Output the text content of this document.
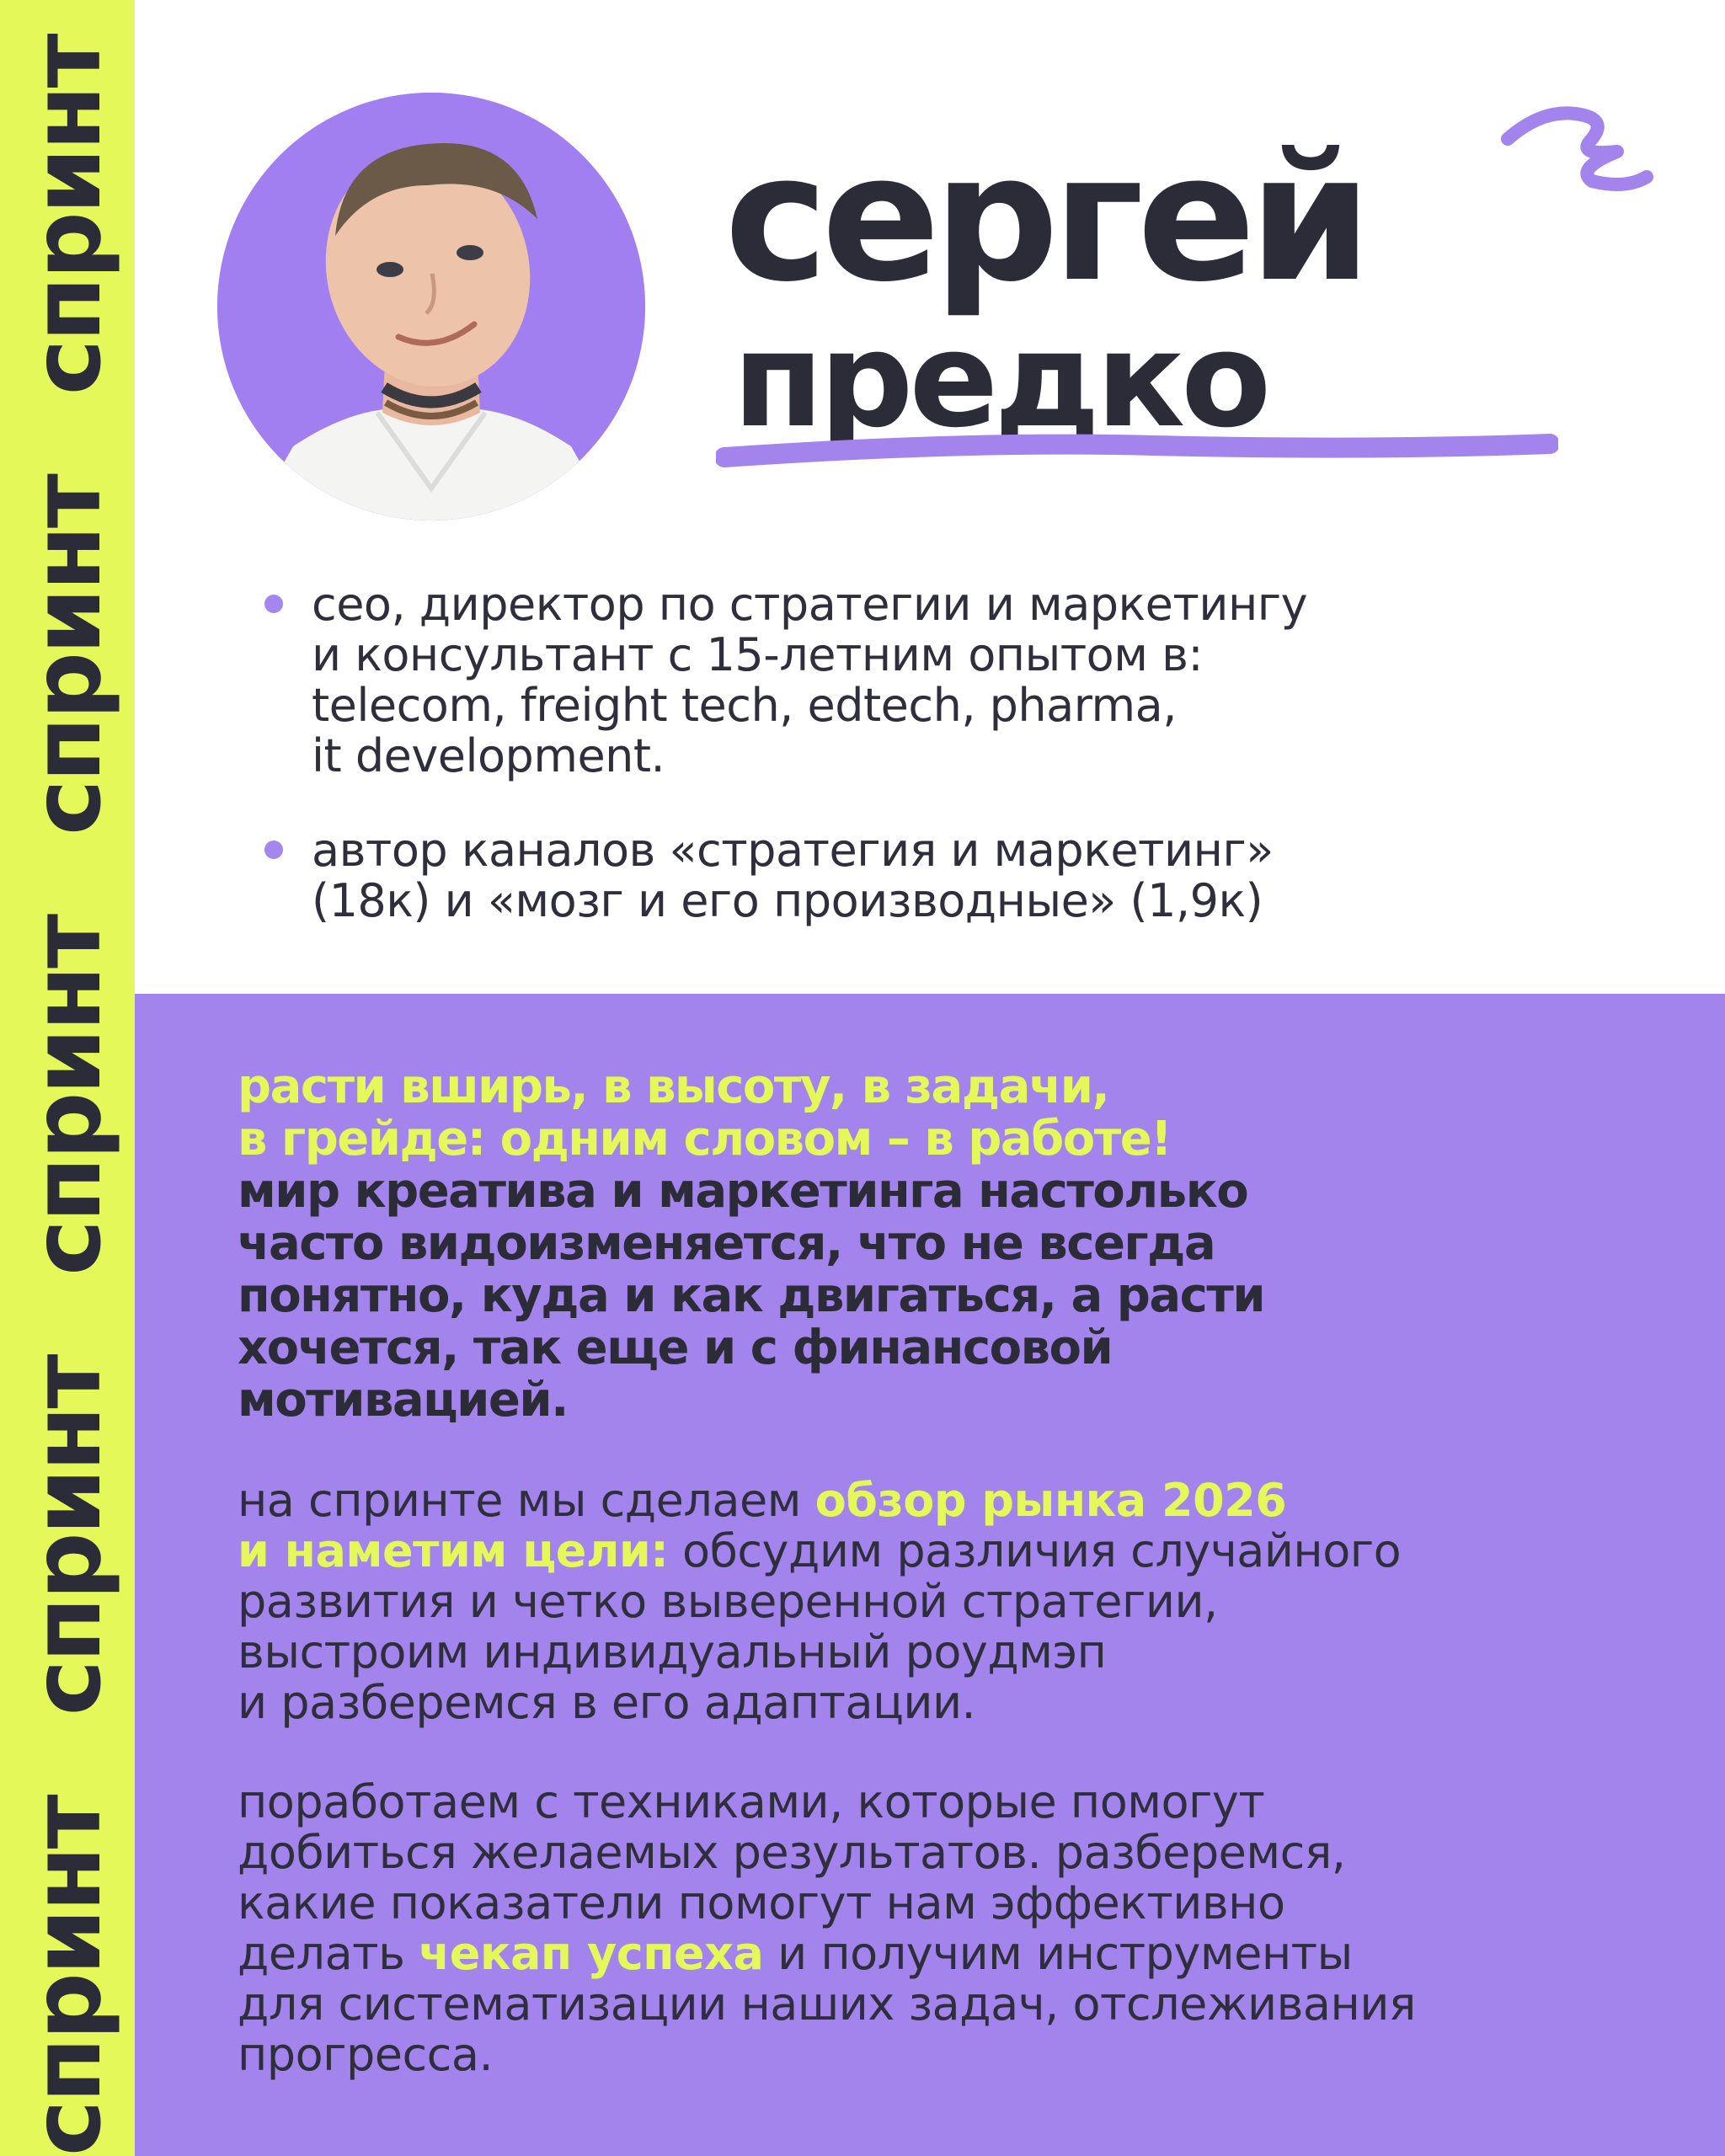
спринтспринтспринтспринтспринт	сергей
предко
сео, директор по стратегии и маркетингу
и консультант с 15-летним опытом в:
telecom, freight tech, edtech, pharma,
it development.
автор каналов «стратегия и маркетинг»
(18к) и «мозг и его производные» (1,9к)
расти вширь, в высоту, в задачи,
в грейде: одним словом – в работе!
мир креатива и маркетинга настолько
часто видоизменяется, что не всегда
понятно, куда и как двигаться, а расти
хочется, так еще и с финансовой
мотивацией.
на спринте мы сделаем обзор рынка 2026
и наметим цели: обсудим различия случайного
развития и четко выверенной стратегии,
выстроим индивидуальный роудмэп
и разберемся в его адаптации.
поработаем с техниками, которые помогут
добиться желаемых результатов. разберемся,
какие показатели помогут нам эффективно
делать чекап успеха и получим инструменты
для систематизации наших задач, отслеживания
прогресса.
